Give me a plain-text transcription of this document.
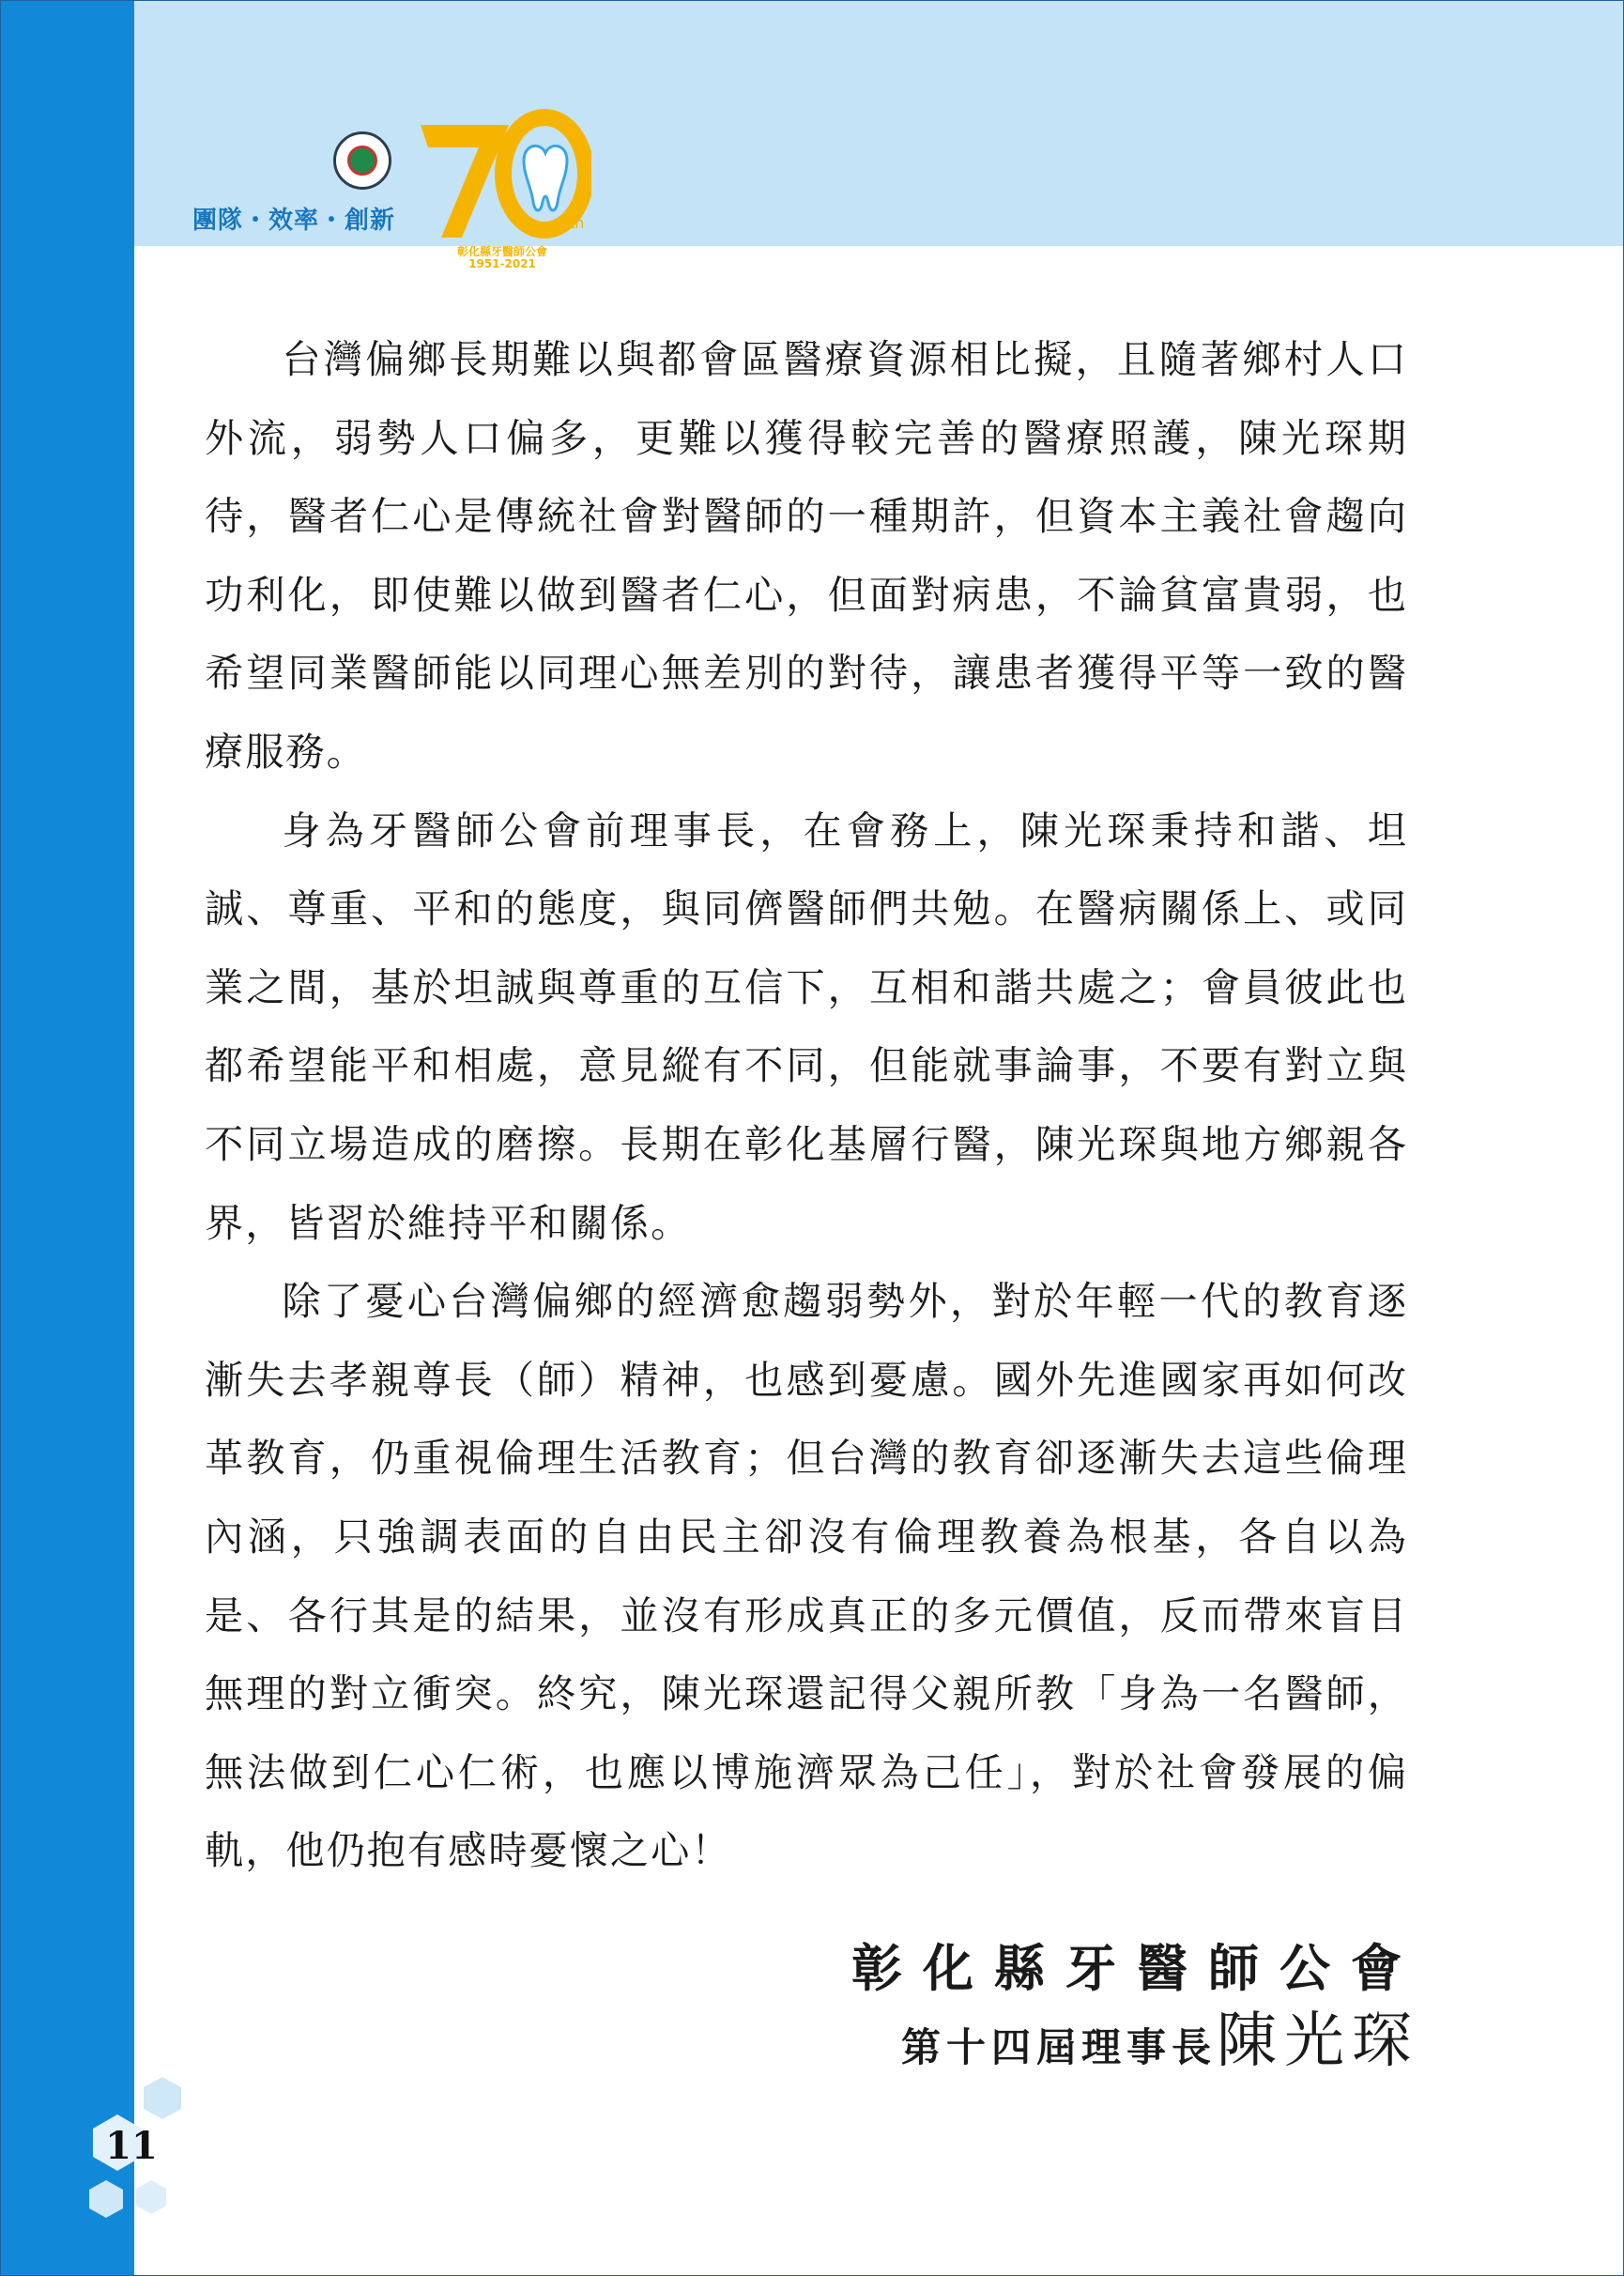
團隊・效率・創新	th
彰化縣牙醫師公會
1951-2021

台灣偏鄉長期難以與都會區醫療資源相比擬，且隨著鄉村人口外流，弱勢人口偏多，更難以獲得較完善的醫療照護，陳光琛期待，醫者仁心是傳統社會對醫師的一種期許，但資本主義社會趨向功利化，即使難以做到醫者仁心，但面對病患，不論貧富貴弱，也希望同業醫師能以同理心無差別的對待，讓患者獲得平等一致的醫療服務。

身為牙醫師公會前理事長，在會務上，陳光琛秉持和諧、坦誠、尊重、平和的態度，與同儕醫師們共勉。在醫病關係上、或同業之間，基於坦誠與尊重的互信下，互相和諧共處之；會員彼此也都希望能平和相處，意見縱有不同，但能就事論事，不要有對立與不同立場造成的磨擦。長期在彰化基層行醫，陳光琛與地方鄉親各界，皆習於維持平和關係。

除了憂心台灣偏鄉的經濟愈趨弱勢外，對於年輕一代的教育逐漸失去孝親尊長（師）精神，也感到憂慮。國外先進國家再如何改革教育，仍重視倫理生活教育；但台灣的教育卻逐漸失去這些倫理內涵，只強調表面的自由民主卻沒有倫理教養為根基，各自以為是、各行其是的結果，並沒有形成真正的多元價值，反而帶來盲目無理的對立衝突。終究，陳光琛還記得父親所教「身為一名醫師，無法做到仁心仁術，也應以博施濟眾為己任」，對於社會發展的偏軌，他仍抱有感時憂懷之心！

彰化縣牙醫師公會
第十四屆理事長陳光琛
11
